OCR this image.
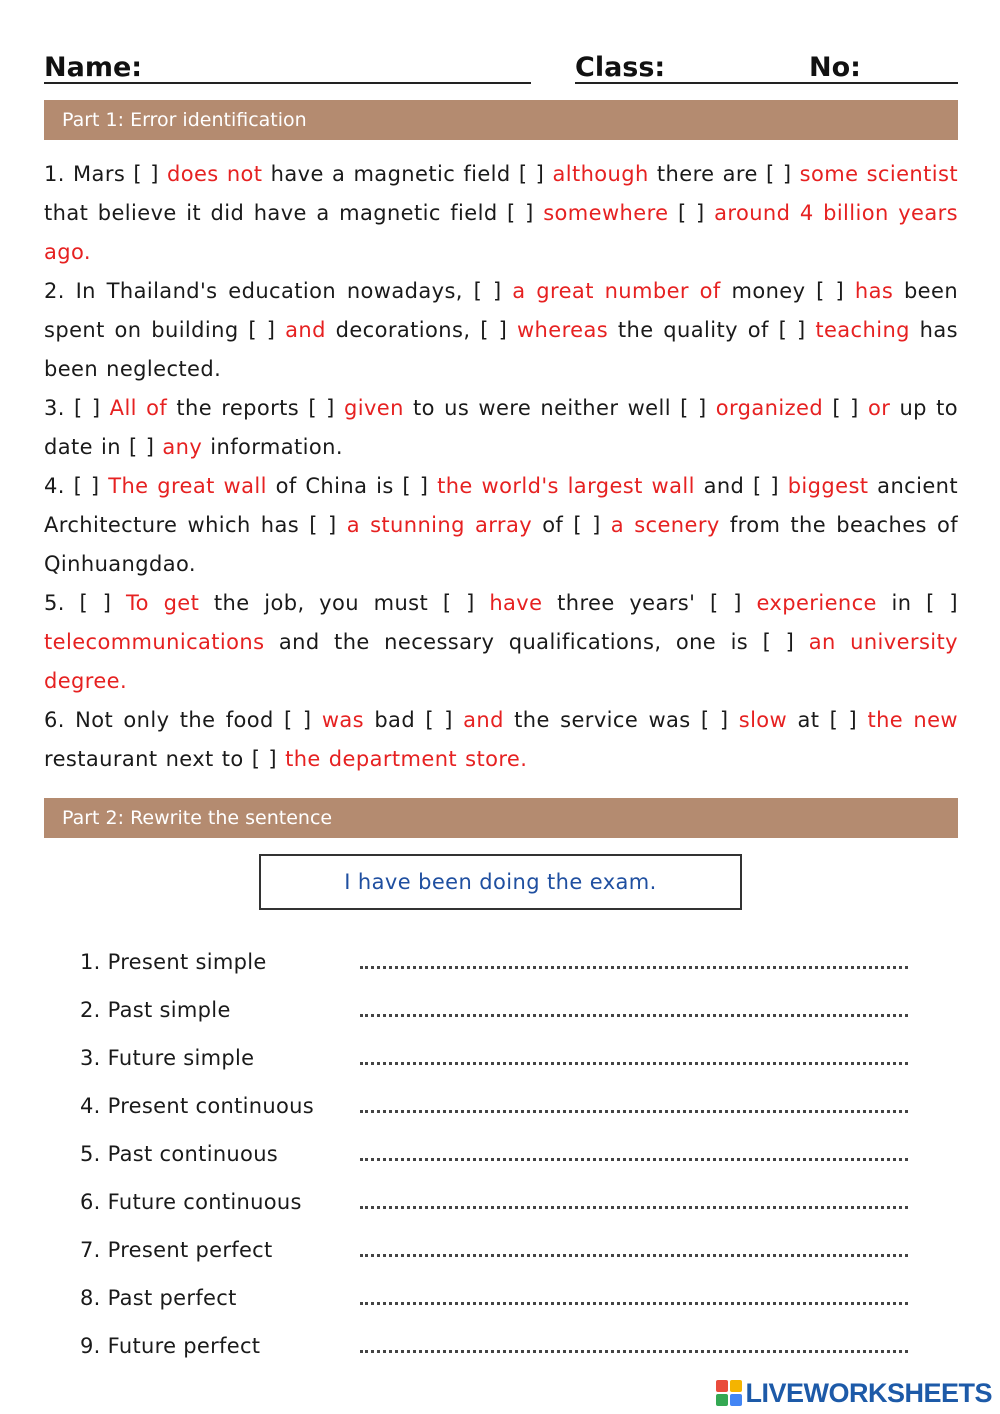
Name:	Class:	No:
Part 1: Error identification
1. Mars [ ] does not have a magnetic field [ ] although there are [ ] some scientist that believe it did have a magnetic field [ ] somewhere [ ] around 4 billion years ago.
2. In Thailand's education nowadays, [ ] a great number of money [ ] has been spent on building [ ] and decorations, [ ] whereas the quality of [ ] teaching has been neglected.
3. [ ] All of the reports [ ] given to us were neither well [ ] organized [ ] or up to date in [ ] any information.
4. [ ] The great wall of China is [ ] the world's largest wall and [ ] biggest ancient Architecture which has [ ] a stunning array of [ ] a scenery from the beaches of Qinhuangdao.
5. [ ] To get the job, you must [ ] have three years' [ ] experience in [ ] telecommunications and the necessary qualifications, one is [ ] an university degree.
6. Not only the food [ ] was bad [ ] and the service was [ ] slow at [ ] the new restaurant next to [ ] the department store.
Part 2: Rewrite the sentence
I have been doing the exam.
1. Present simple
2. Past simple
3. Future simple
4. Present continuous
5. Past continuous
6. Future continuous
7. Present perfect
8. Past perfect
9. Future perfect
LIVEWORKSHEETS
